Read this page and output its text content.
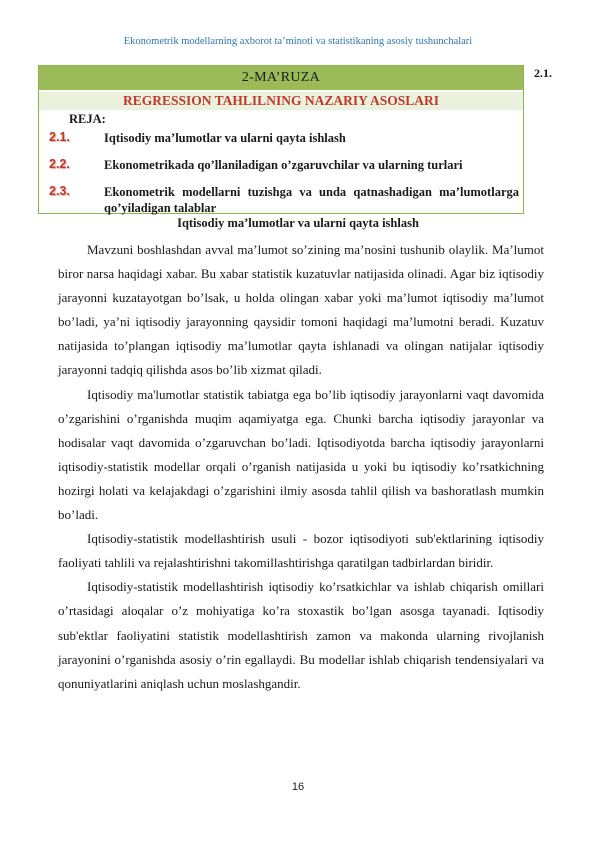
Ekonometrik modellarning axborot ta’minoti va statistikaning asosiy tushunchalari
2.1.
2-MA’RUZA
REGRESSION TAHLILNING NAZARIY ASOSLARI
REJA:
2.1.	Iqtisodiy ma’lumotlar va ularni qayta ishlash
2.2.	Ekonometrikada qo’llaniladigan o’zgaruvchilar va ularning turlari
2.3.	Ekonometrik modellarni tuzishga va unda qatnashadigan ma’lumotlarga qo’yiladigan talablar
Iqtisodiy ma’lumotlar va ularni qayta ishlash

Mavzuni boshlashdan avval ma’lumot so’zining ma’nosini tushunib olaylik. Ma’lumot biror narsa haqidagi xabar. Bu xabar statistik kuzatuvlar natijasida olinadi. Agar biz iqtisodiy jarayonni kuzatayotgan bo’lsak, u holda olingan xabar yoki ma’lumot iqtisodiy ma’lumot bo’ladi, ya’ni iqtisodiy jarayonning qaysidir tomoni haqidagi ma’lumotni beradi. Kuzatuv natijasida to’plangan iqtisodiy ma’lumotlar qayta ishlanadi va olingan natijalar iqtisodiy jarayonni tadqiq qilishda asos bo’lib xizmat qiladi.

Iqtisodiy ma'lumotlar statistik tabiatga ega bo’lib iqtisodiy jarayonlarni vaqt davomida o’zgarishini o’rganishda muqim aqamiyatga ega. Chunki barcha iqtisodiy jarayonlar va hodisalar vaqt davomida o’zgaruvchan bo’ladi. Iqtisodiyotda barcha iqtisodiy jarayonlarni iqtisodiy-statistik modellar orqali o’rganish natijasida u yoki bu iqtisodiy ko’rsatkichning hozirgi holati va kelajakdagi o’zgarishini ilmiy asosda tahlil qilish va bashoratlash mumkin bo’ladi.

Iqtisodiy-statistik modellashtirish usuli - bozor iqtisodiyoti sub'ektlarining iqtisodiy faoliyati tahlili va rejalashtirishni takomillashtirishga qaratilgan tadbirlardan biridir.

Iqtisodiy-statistik modellashtirish iqtisodiy ko’rsatkichlar va ishlab chiqarish omillari o’rtasidagi aloqalar o’z mohiyatiga ko’ra stoxastik bo’lgan asosga tayanadi. Iqtisodiy sub'ektlar faoliyatini statistik modellashtirish zamon va makonda ularning rivojlanish jarayonini o’rganishda asosiy o’rin egallaydi. Bu modellar ishlab chiqarish tendensiyalari va qonuniyatlarini aniqlash uchun moslashgandir.

16
